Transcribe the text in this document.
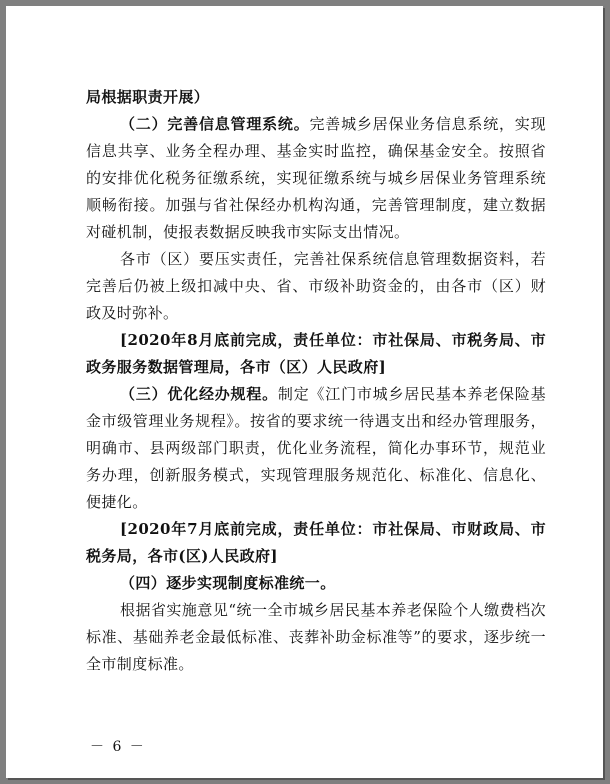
局根据职责开展）

（二）完善信息管理系统。完善城乡居保业务信息系统，实现信息共享、业务全程办理、基金实时监控，确保基金安全。按照省的安排优化税务征缴系统，实现征缴系统与城乡居保业务管理系统顺畅衔接。加强与省社保经办机构沟通，完善管理制度，建立数据对碰机制，使报表数据反映我市实际支出情况。

各市（区）要压实责任，完善社保系统信息管理数据资料，若完善后仍被上级扣减中央、省、市级补助资金的，由各市（区）财政及时弥补。

[2020年8月底前完成，责任单位：市社保局、市税务局、市政务服务数据管理局，各市（区）人民政府]

（三）优化经办规程。制定《江门市城乡居民基本养老保险基金市级管理业务规程》。按省的要求统一待遇支出和经办管理服务，明确市、县两级部门职责，优化业务流程，简化办事环节，规范业务办理，创新服务模式，实现管理服务规范化、标准化、信息化、便捷化。

[2020年7月底前完成，责任单位：市社保局、市财政局、市税务局，各市(区)人民政府]

（四）逐步实现制度标准统一。

根据省实施意见“统一全市城乡居民基本养老保险个人缴费档次标准、基础养老金最低标准、丧葬补助金标准等”的要求，逐步统一全市制度标准。

－ 6 －
